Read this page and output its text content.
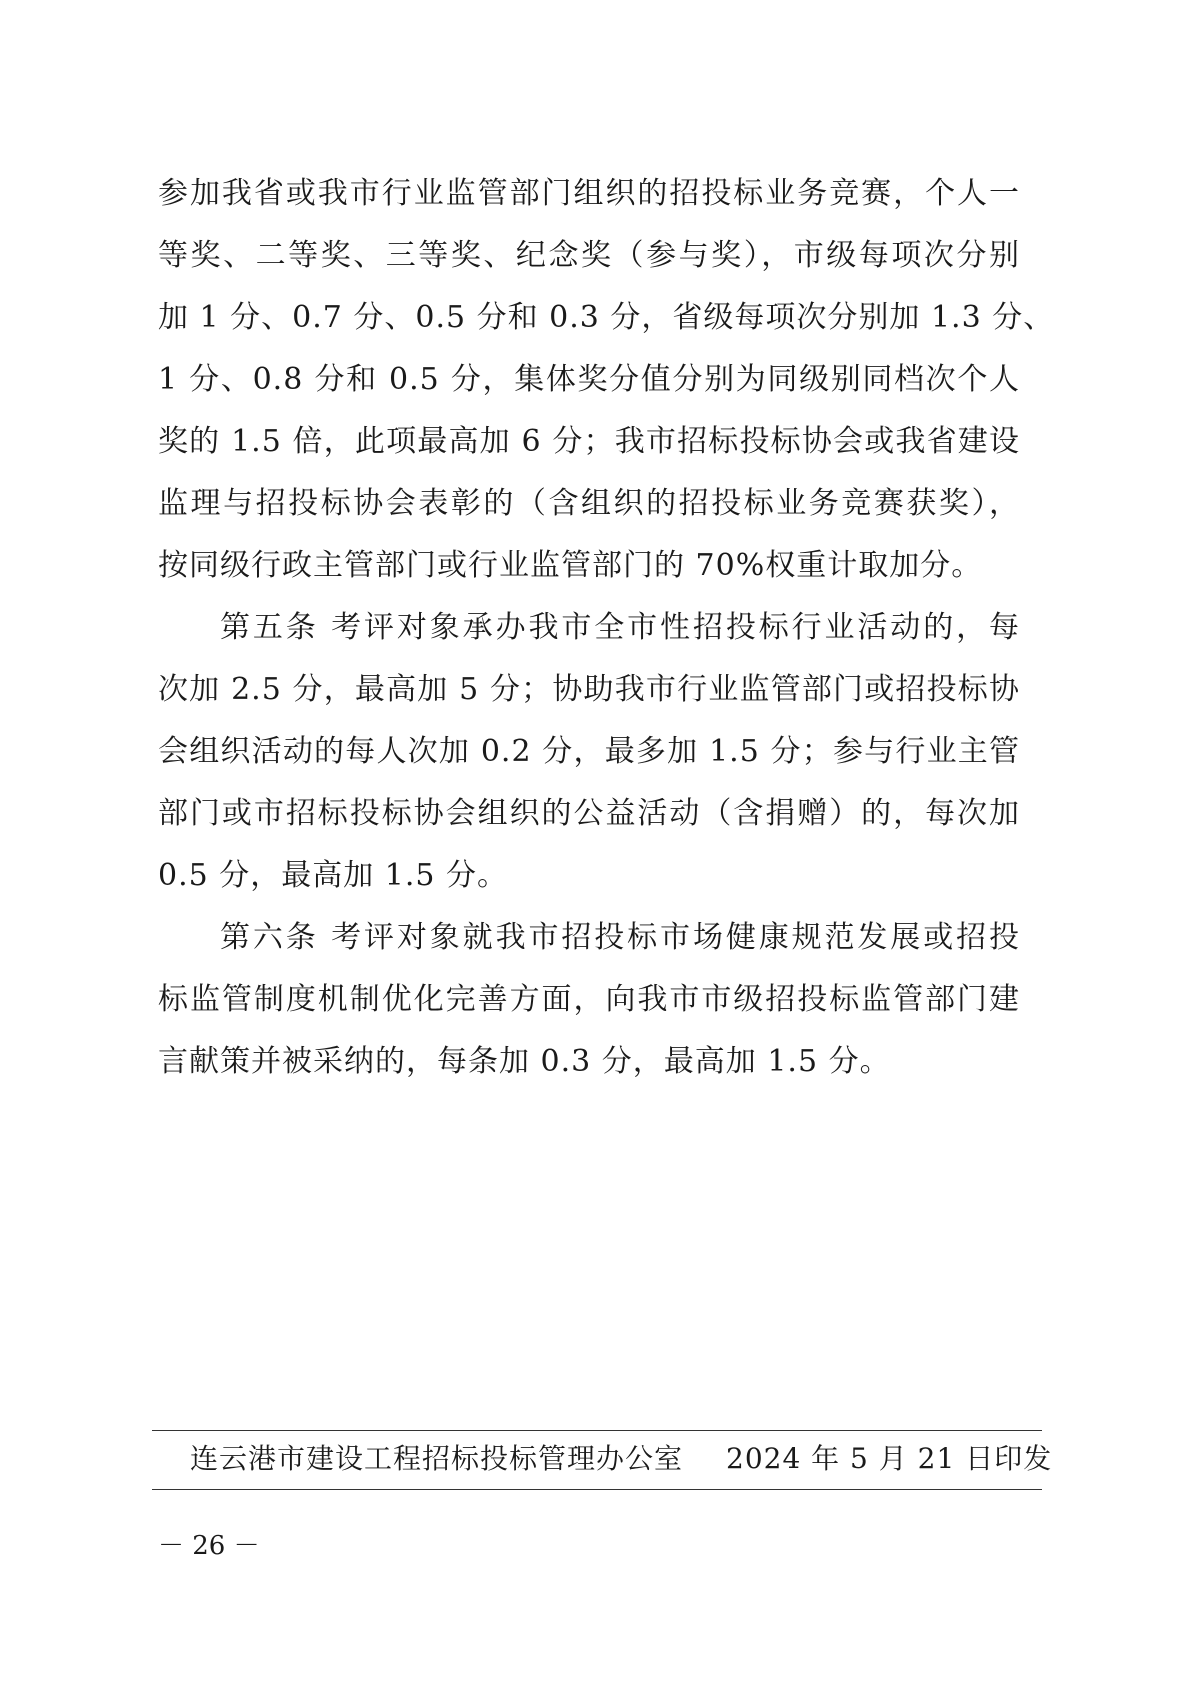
参加我省或我市行业监管部门组织的招投标业务竞赛，个人一
等奖、二等奖、三等奖、纪念奖（参与奖），市级每项次分别
加 1 分、0.7 分、0.5 分和 0.3 分，省级每项次分别加 1.3 分、
1 分、0.8 分和 0.5 分，集体奖分值分别为同级别同档次个人
奖的 1.5 倍，此项最高加 6 分；我市招标投标协会或我省建设
监理与招投标协会表彰的（含组织的招投标业务竞赛获奖），
按同级行政主管部门或行业监管部门的 70%权重计取加分。
第五条 考评对象承办我市全市性招投标行业活动的，每
次加 2.5 分，最高加 5 分；协助我市行业监管部门或招投标协
会组织活动的每人次加 0.2 分，最多加 1.5 分；参与行业主管
部门或市招标投标协会组织的公益活动（含捐赠）的，每次加
0.5 分，最高加 1.5 分。
第六条 考评对象就我市招投标市场健康规范发展或招投
标监管制度机制优化完善方面，向我市市级招投标监管部门建
言献策并被采纳的，每条加 0.3 分，最高加 1.5 分。
连云港市建设工程招标投标管理办公室 2024 年 5 月 21 日印发
－ 26 －
